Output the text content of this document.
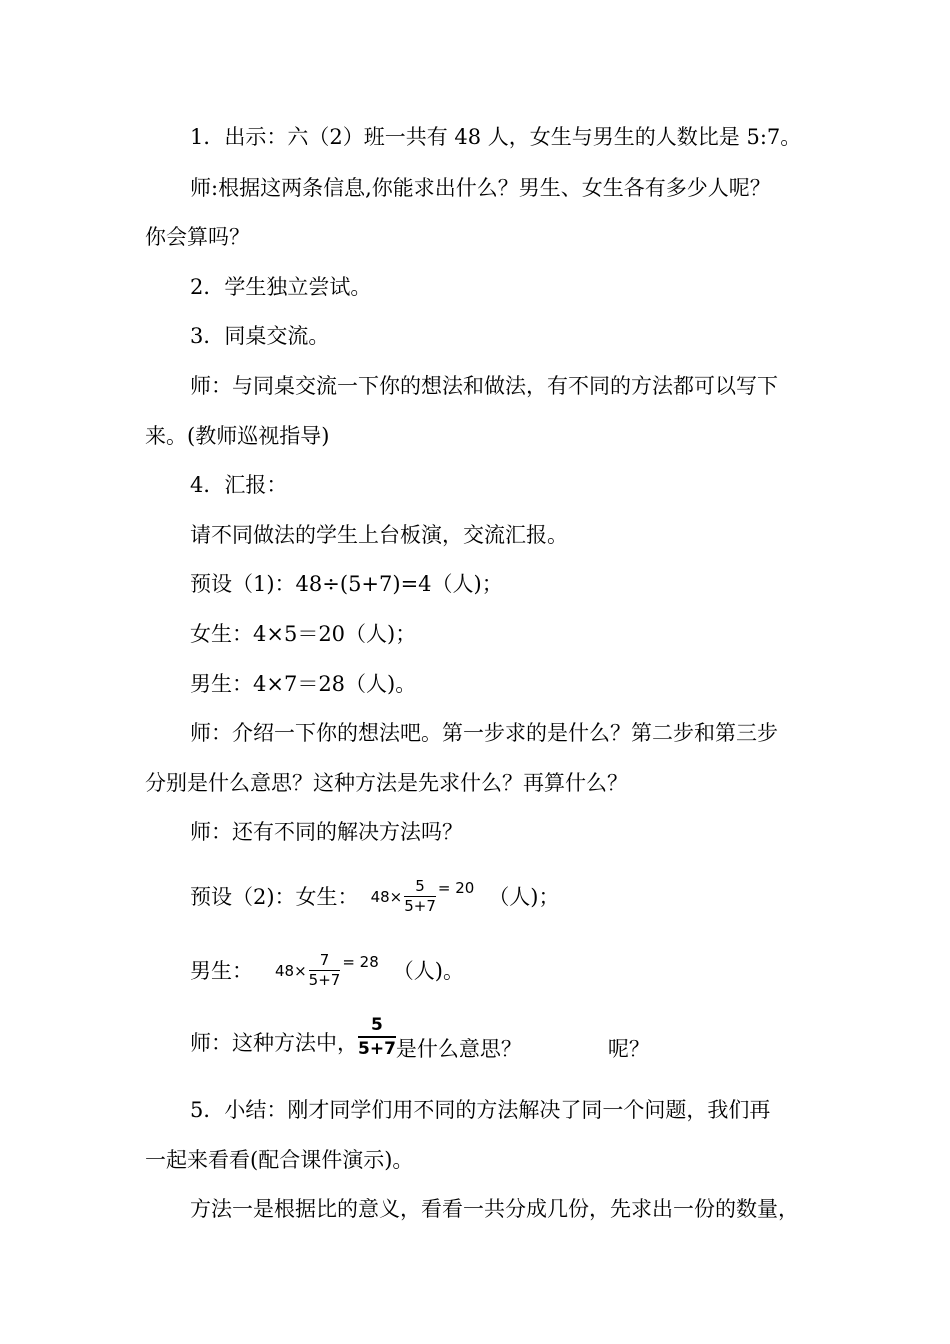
1．出示：六（2）班一共有 48 人，女生与男生的人数比是 5:7。
师:根据这两条信息,你能求出什么？男生、女生各有多少人呢？
你会算吗？
2．学生独立尝试。
3．同桌交流。
师：与同桌交流一下你的想法和做法，有不同的方法都可以写下
来。(教师巡视指导)
4．汇报：
请不同做法的学生上台板演，交流汇报。
预设（1)：48÷(5+7)=4（人)；
女生：4×5＝20（人)；
男生：4×7＝28（人)。
师：介绍一下你的想法吧。第一步求的是什么？第二步和第三步
分别是什么意思？这种方法是先求什么？再算什么？
师：还有不同的解决方法吗？
预设（2)：女生： $48\times \frac{5}{5+7} = 20$ （人)；
男生： $48\times \frac{7}{5+7} = 28$ （人)。
师：这种方法中， $\frac{5}{5+7}$ 是什么意思？	呢？
5．小结：刚才同学们用不同的方法解决了同一个问题，我们再
一起来看看(配合课件演示)。
方法一是根据比的意义，看看一共分成几份，先求出一份的数量，
